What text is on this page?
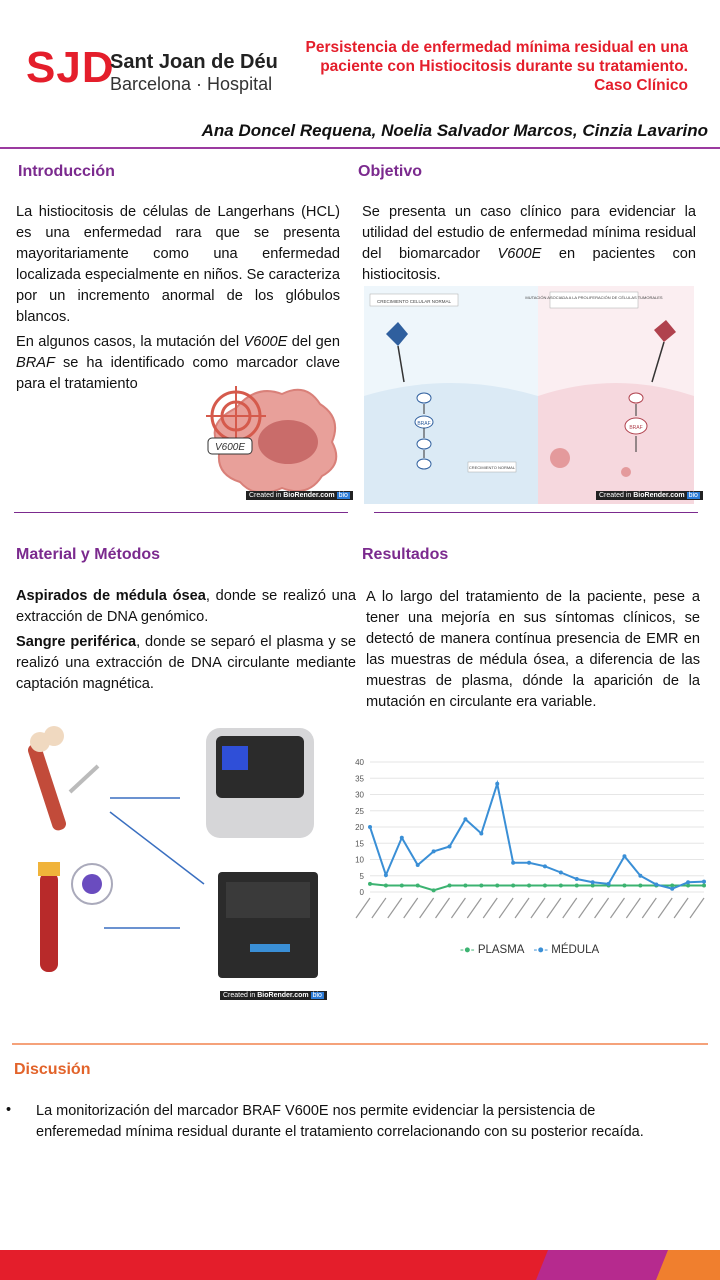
SJD
Sant Joan de Déu
Barcelona · Hospital
Persistencia de enfermedad mínima residual en una paciente con Histiocitosis durante su tratamiento. Caso Clínico
Ana Doncel Requena, Noelia Salvador Marcos, Cinzia Lavarino
Introducción

La histiocitosis de células de Langerhans (HCL) es una enfermedad rara que se presenta mayoritariamente como una enfermedad localizada especialmente en niños. Se caracteriza por un incremento anormal de los glóbulos blancos.

En algunos casos, la mutación del V600E del gen BRAF se ha identificado como marcador clave para el tratamiento

V600E
Created in BioRender.com bio
Objetivo

Se presenta un caso clínico para evidenciar la utilidad del estudio de enfermedad mínima residual del biomarcador V600E en pacientes con histiocitosis.

CRECIMIENTO CELULAR NORMAL
MUTACIÓN ASOCIADA A LA PROLIFERACIÓN DE CÉLULAS TUMORALES
BRAF
BRAF
CRECIMIENTO NORMAL
Created in BioRender.com bio
Material y Métodos

Aspirados de médula ósea, donde se realizó una extracción de DNA genómico.

Sangre periférica, donde se separó el plasma y se realizó una extracción de DNA circulante mediante captación magnética.

Created in BioRender.com bio
Resultados

A lo largo del tratamiento de la paciente, pese a tener una mejoría en sus síntomas clínicos, se detectó de manera contínua presencia de EMR en las muestras de médula ósea, a diferencia de las muestras de plasma, dónde la aparición de la mutación en circulante era variable.

0
5
10
15
20
25
30
35
40
-●- PLASMA -●- MÉDULA
Discusión
• La monitorización del marcador BRAF V600E nos permite evidenciar la persistencia de enferemedad mínima residual durante el tratamiento correlacionando con su posterior recaída.
